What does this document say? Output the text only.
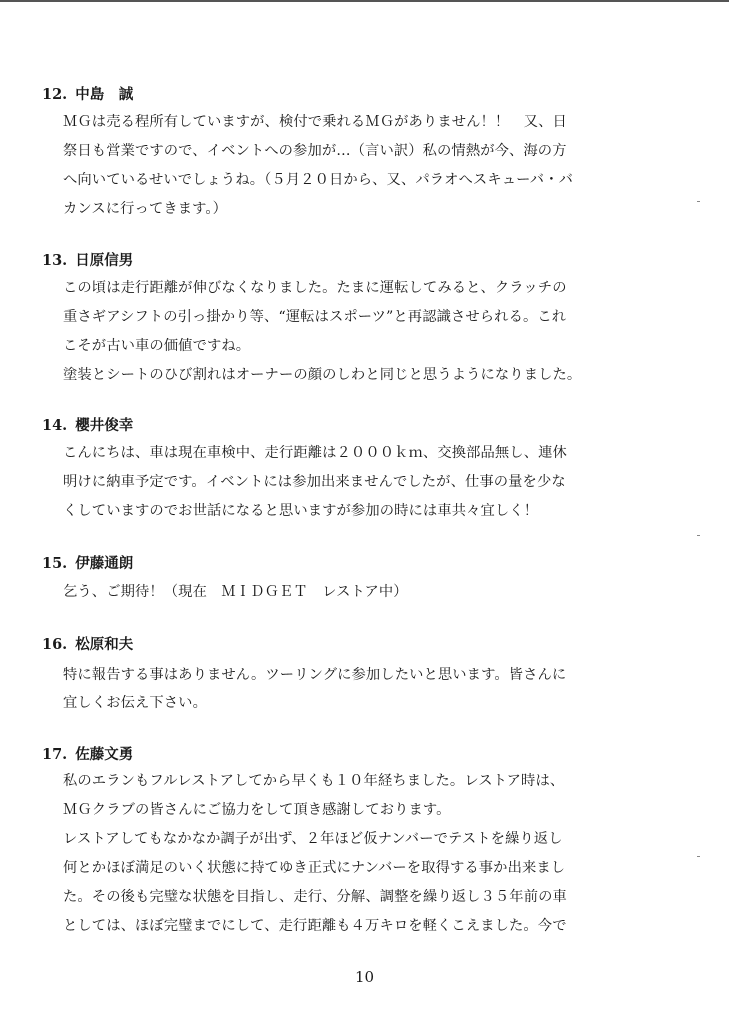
12. 中島　誠
ＭＧは売る程所有していますが、検付で乗れるＭＧがありません！！　又、日
祭日も営業ですので、イベントへの参加が…（言い訳）私の情熱が今、海の方
へ向いているせいでしょうね。（５月２０日から、又、パラオへスキューバ・バ
カンスに行ってきます。）
13. 日原信男
この頃は走行距離が伸びなくなりました。たまに運転してみると、クラッチの
重さギアシフトの引っ掛かり等、“運転はスポーツ”と再認識させられる。これ
こそが古い車の価値ですね。
塗装とシートのひび割れはオーナーの顔のしわと同じと思うようになりました。
14. 櫻井俊幸
こんにちは、車は現在車検中、走行距離は２０００ｋｍ、交換部品無し、連休
明けに納車予定です。イベントには参加出来ませんでしたが、仕事の量を少な
くしていますのでお世話になると思いますが参加の時には車共々宜しく！
15. 伊藤通朗
乞う、ご期待！（現在　ＭＩＤＧＥＴ　レストア中）
16. 松原和夫
特に報告する事はありません。ツーリングに参加したいと思います。皆さんに
宜しくお伝え下さい。
17. 佐藤文勇
私のエランもフルレストアしてから早くも１０年経ちました。レストア時は、
ＭＧクラブの皆さんにご協力をして頂き感謝しております。
レストアしてもなかなか調子が出ず、２年ほど仮ナンバーでテストを繰り返し
何とかほぼ満足のいく状態に持てゆき正式にナンバーを取得する事か出来まし
た。その後も完璧な状態を目指し、走行、分解、調整を繰り返し３５年前の車
としては、ほぼ完璧までにして、走行距離も４万キロを軽くこえました。今で
10
